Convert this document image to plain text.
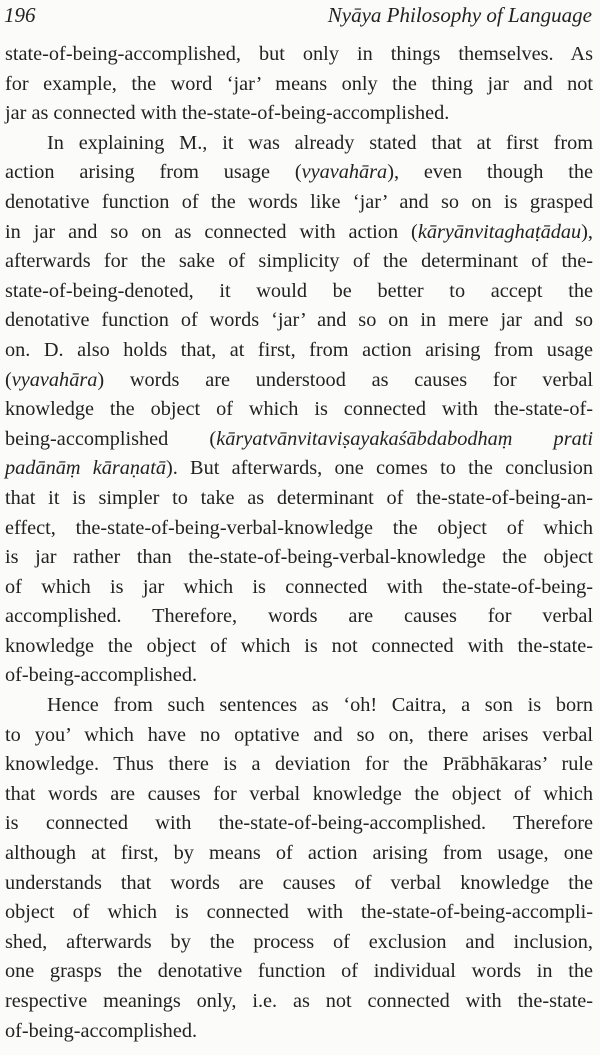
196	Nyāya Philosophy of Language
state-of-being-accomplished, but only in things themselves. As
for example, the word ‘jar’ means only the thing jar and not
jar as connected with the-state-of-being-accomplished.
In explaining M., it was already stated that at first from
action arising from usage (vyavahāra), even though the
denotative function of the words like ‘jar’ and so on is grasped
in jar and so on as connected with action (kāryānvitaghaṭādau),
afterwards for the sake of simplicity of the determinant of the-
state-of-being-denoted, it would be better to accept the
denotative function of words ‘jar’ and so on in mere jar and so
on. D. also holds that, at first, from action arising from usage
(vyavahāra) words are understood as causes for verbal
knowledge the object of which is connected with the-state-of-
being-accomplished (kāryatvānvitaviṣayakaśābdabodhaṃ prati
padānāṃ kāraṇatā). But afterwards, one comes to the conclusion
that it is simpler to take as determinant of the-state-of-being-an-
effect, the-state-of-being-verbal-knowledge the object of which
is jar rather than the-state-of-being-verbal-knowledge the object
of which is jar which is connected with the-state-of-being-
accomplished. Therefore, words are causes for verbal
knowledge the object of which is not connected with the-state-
of-being-accomplished.
Hence from such sentences as ‘oh! Caitra, a son is born
to you’ which have no optative and so on, there arises verbal
knowledge. Thus there is a deviation for the Prābhākaras’ rule
that words are causes for verbal knowledge the object of which
is connected with the-state-of-being-accomplished. Therefore
although at first, by means of action arising from usage, one
understands that words are causes of verbal knowledge the
object of which is connected with the-state-of-being-accompli-
shed, afterwards by the process of exclusion and inclusion,
one grasps the denotative function of individual words in the
respective meanings only, i.e. as not connected with the-state-
of-being-accomplished.
